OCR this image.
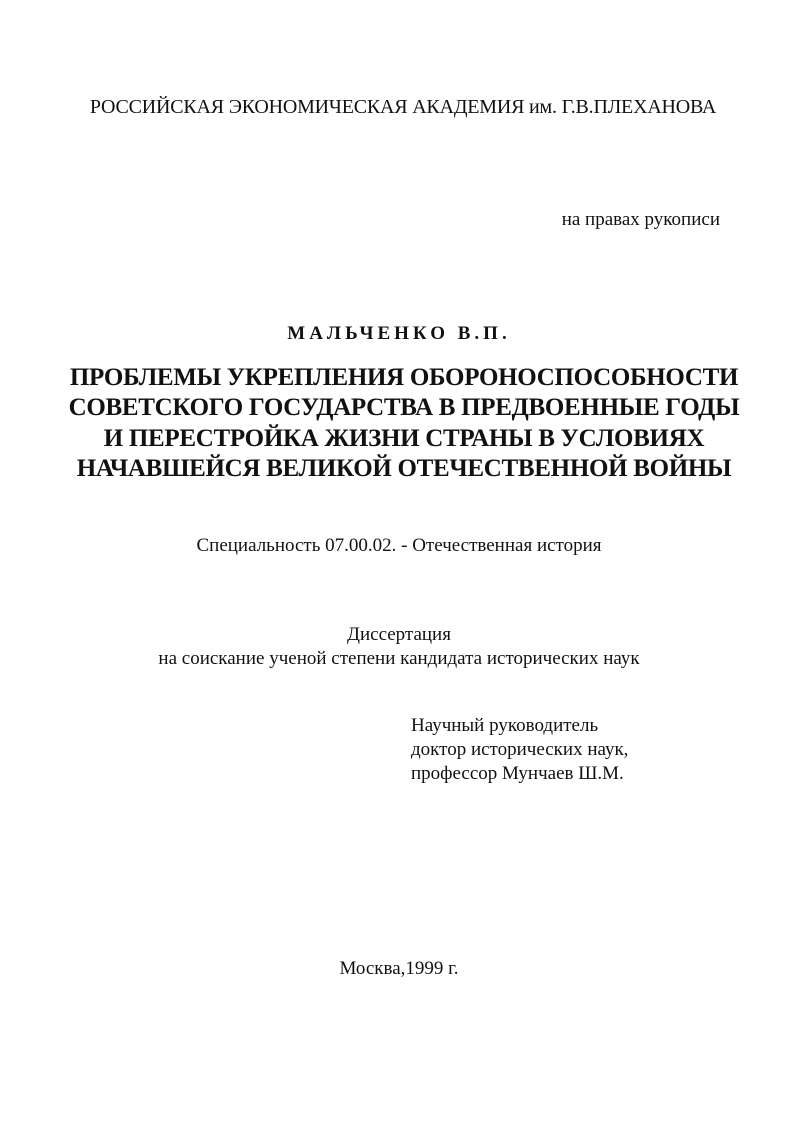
РОССИЙСКАЯ ЭКОНОМИЧЕСКАЯ АКАДЕМИЯ им. Г.В.ПЛЕХАНОВА
на правах рукописи
МАЛЬЧЕНКО В.П.
ПРОБЛЕМЫ УКРЕПЛЕНИЯ ОБОРОНОСПОСОБНОСТИ
СОВЕТСКОГО ГОСУДАРСТВА В ПРЕДВОЕННЫЕ ГОДЫ
И ПЕРЕСТРОЙКА ЖИЗНИ СТРАНЫ В УСЛОВИЯХ
НАЧАВШЕЙСЯ ВЕЛИКОЙ ОТЕЧЕСТВЕННОЙ ВОЙНЫ
Специальность 07.00.02. - Отечественная история
Диссертация
на соискание ученой степени кандидата исторических наук
Научный руководитель
доктор исторических наук,
профессор Мунчаев Ш.М.
Москва,1999 г.
